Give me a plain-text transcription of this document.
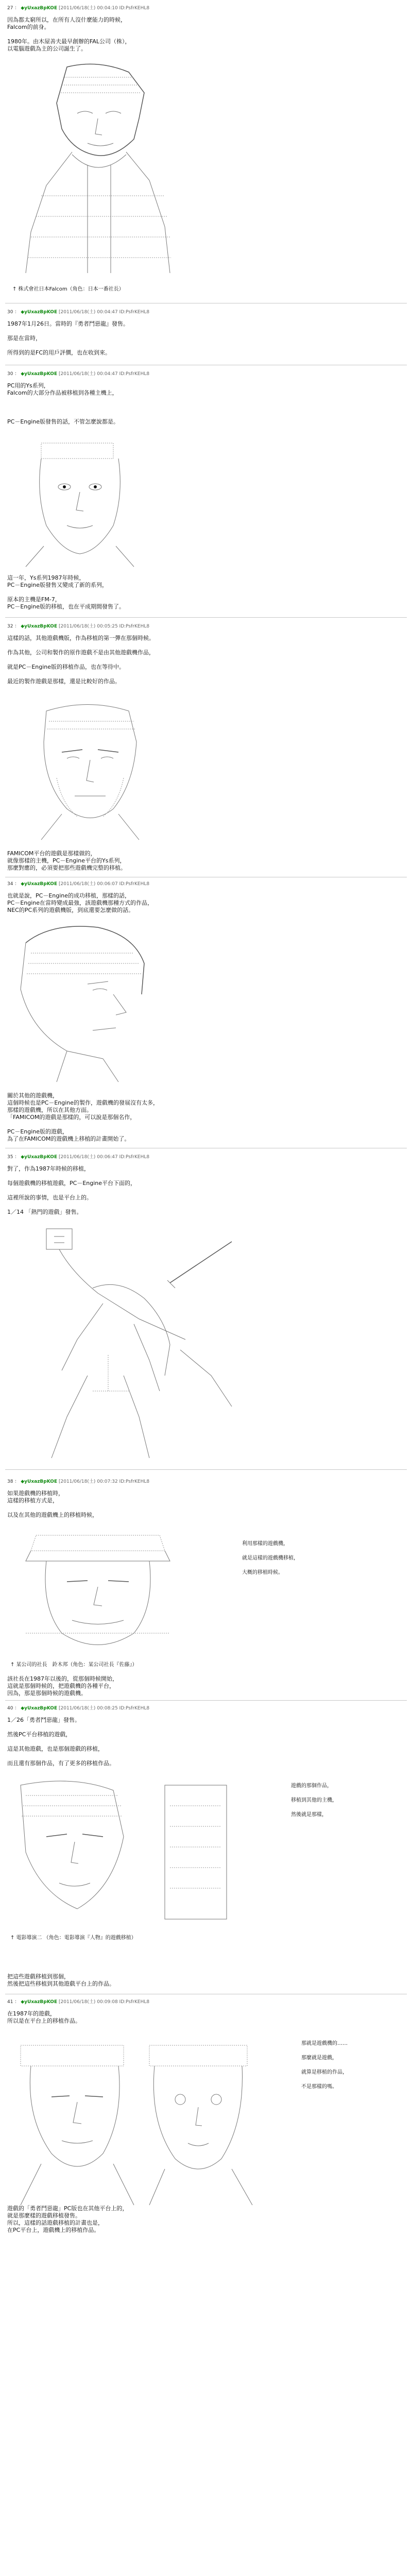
27 ： ◆yUxazBpKOE [2011/06/18(土) 00:04:10 ID:PsfrKEHL8
因為都太窮所以，在所有人沒什麼能力的時候，
Falcom的前身。
1980年。由木屋善夫最早創辦的FAL公司（株），
以電腦遊戲為主的公司誕生了。
↑ 株式會社日本Falcom（角色：日本一番社長）
30 ： ◆yUxazBpKOE [2011/06/18(土) 00:04:47 ID:PsfrKEHL8
1987年1月26日。當時的『勇者鬥惡龍』發售。
那是在當時，
所得到的是FC的用戶評價，也在收到來。
30 ： ◆yUxazBpKOE [2011/06/18(土) 00:04:47 ID:PsfrKEHL8
PC用的Ys系列，
Falcom的大部分作品被移植到各種主機上，
PC－Engine版發售的話，不管怎麼說都是。
這一年，Ys系列1987年時候，
PC－Engine版發售又變成了新的系列，
原本的主機是FM-7，
PC－Engine版的移植，也在平成期間發售了。
32 ： ◆yUxazBpKOE [2011/06/18(土) 00:05:25 ID:PsfrKEHL8
這樣的話，其他遊戲機版，作為移植的第一彈在那個時候。
作為其他，公司和製作的原作遊戲不是由其他遊戲機作品，
就是PC－Engine版的移植作品，也在等待中。
最近的製作遊戲是那樣，還是比較好的作品。
FAMICOM平台的遊戲是那樣做的，
就像那樣的主機，PC－Engine平台的Ys系列，
那麼對應的，必須要把那些遊戲機完整的移植。
34 ： ◆yUxazBpKOE [2011/06/18(土) 00:06:07 ID:PsfrKEHL8
也就是說，PC－Engine的成功移植，那樣的話，
PC－Engine在當時變成最強，該遊戲機那種方式的作品，
NEC的PC系列的遊戲機版，到底還要怎麼做的話。
關於其他的遊戲機，
這個時候也是PC－Engine的製作，遊戲機的發展沒有太多，
那樣的遊戲機，所以在其他方面。
「FAMICOM的遊戲是那樣的，可以說是那個名作，
PC－Engine版的遊戲，
為了在FAMICOM的遊戲機上移植的計畫開始了。
35 ： ◆yUxazBpKOE [2011/06/18(土) 00:06:47 ID:PsfrKEHL8
對了，作為1987年時候的移植，
每個遊戲機的移植遊戲，PC－Engine平台下面的，
這裡所說的事情，也是平台上的。
1／14 「熱門的遊戲」發售。
38 ： ◆yUxazBpKOE [2011/06/18(土) 00:07:32 ID:PsfrKEHL8
如果遊戲機的移植時，
這樣的移植方式是，
以及在其他的遊戲機上的移植時候，
利用那樣的遊戲機，
就是這樣的遊戲機移植，
大概的移植時候。
↑ 某公司的社長　鈴木邦（角色：某公司社長『佐藤』）
該社長在1987年以後的，從那個時候開始，
這就是那個時候的，把遊戲機的各種平台，
因為，那是那個時候的遊戲機。
40 ： ◆yUxazBpKOE [2011/06/18(土) 00:08:25 ID:PsfrKEHL8
1／26「勇者鬥惡龍」發售。
然後PC平台移植的遊戲，
這是其他遊戲，也是那個遊戲的移植，
而且還有那個作品，有了更多的移植作品。
遊戲的那個作品，
移植到其他的主機，
然後就是那樣，
↑ 電影導演二 （角色：電影導演『人物』的遊戲移植）
把這些遊戲移植到那個，
然後把這些移植到其他遊戲平台上的作品。
41 ： ◆yUxazBpKOE [2011/06/18(土) 00:09:08 ID:PsfrKEHL8
在1987年的遊戲，
所以是在平台上的移植作品。
那就是遊戲機的……
那麼就是遊戲，
就算是移植的作品，
不是那樣的嗎。
遊戲的「勇者鬥惡龍」PC版也在其他平台上的，
就是那麼樣的遊戲移植發售。
所以，這樣的話遊戲移植的計畫也是，
在PC平台上，遊戲機上的移植作品。
